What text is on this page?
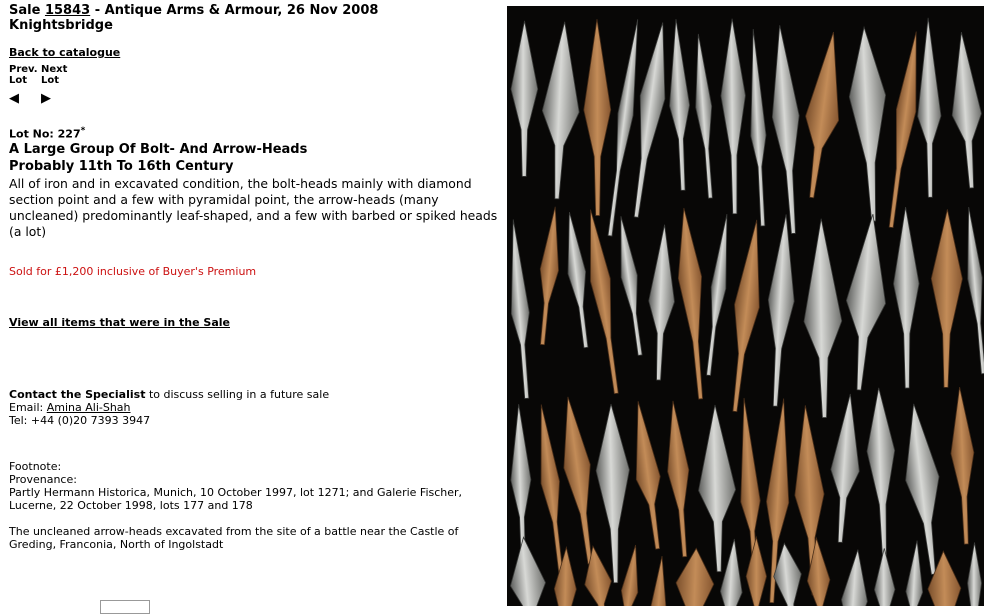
Sale 15843 - Antique Arms & Armour, 26 Nov 2008

Knightsbridge

Back to catalogue
Prev.
Lot
◀
Next
Lot
▶
Lot No: 227*
A Large Group Of Bolt- And Arrow-Heads
Probably 11th To 16th Century
All of iron and in excavated condition, the bolt-heads mainly with diamond section point and a few with pyramidal point, the arrow-heads (many uncleaned) predominantly leaf-shaped, and a few with barbed or spiked heads (a lot)
Sold for £1,200 inclusive of Buyer's Premium
View all items that were in the Sale
Contact the Specialist to discuss selling in a future sale
Email: Amina Ali-Shah
Tel: +44 (0)20 7393 3947

Footnote:

Provenance:

Partly Hermann Historica, Munich, 10 October 1997, lot 1271; and Galerie Fischer, Lucerne, 22 October 1998, lots 177 and 178

The uncleaned arrow-heads excavated from the site of a battle near the Castle of Greding, Franconia, North of Ingolstadt
